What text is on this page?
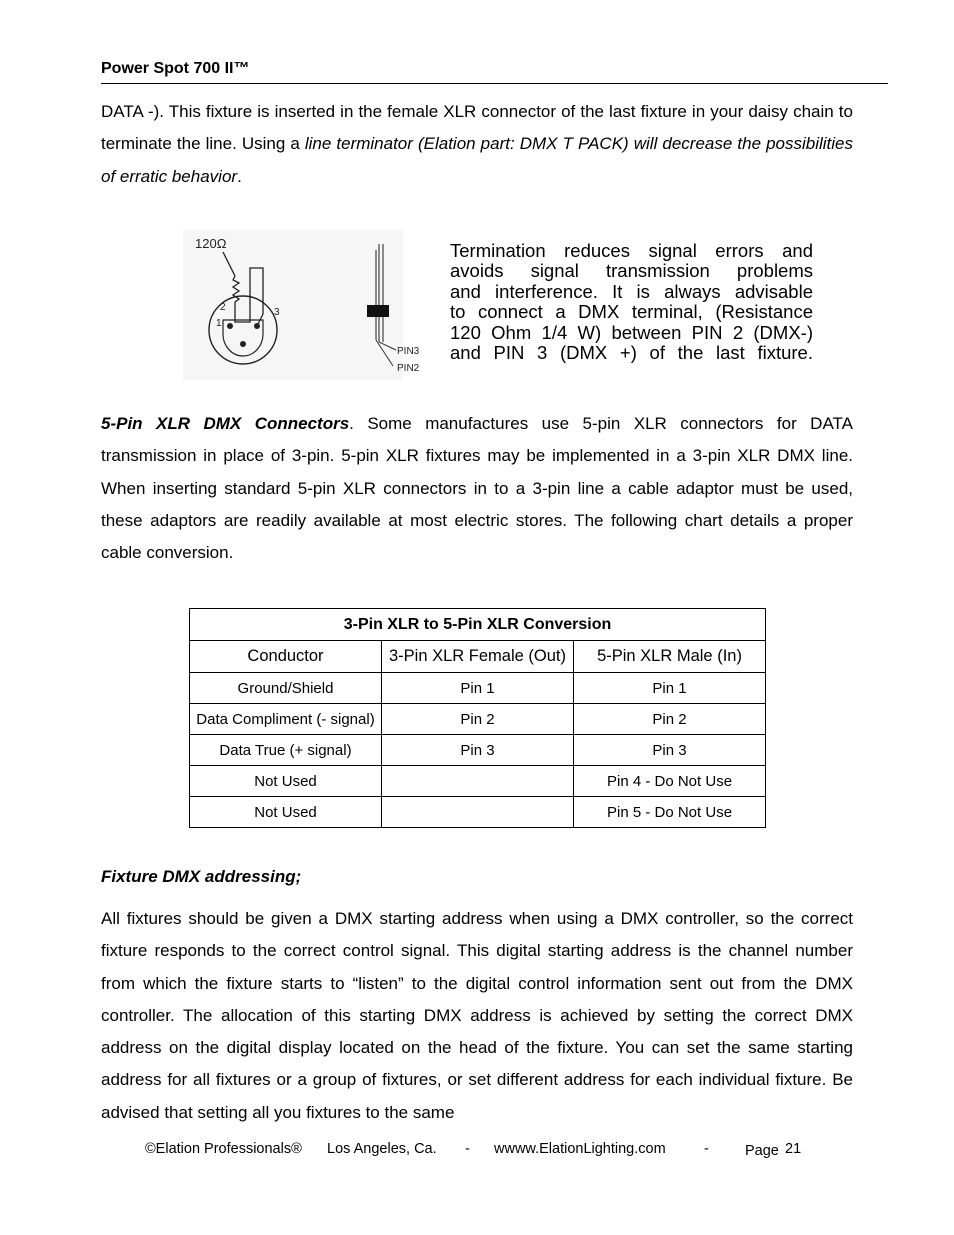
Power Spot 700 II™
DATA -). This fixture is inserted in the female XLR connector of the last fixture in your daisy chain to terminate the line. Using a line terminator (Elation part: DMX T PACK) will decrease the possibilities of erratic behavior.
120Ω
2
1
3
PIN3
PIN2
Termination reduces signal errors and
avoids signal transmission problems
and interference. It is always advisable
to connect a DMX terminal, (Resistance
120 Ohm 1/4 W) between PIN 2 (DMX-)
and PIN 3 (DMX +) of the last fixture.
5-Pin XLR DMX Connectors. Some manufactures use 5-pin XLR connectors for DATA transmission in place of 3-pin. 5-pin XLR fixtures may be implemented in a 3-pin XLR DMX line. When inserting standard 5-pin XLR connectors in to a 3-pin line a cable adaptor must be used, these adaptors are readily available at most electric stores. The following chart details a proper cable conversion.
3-Pin XLR to 5-Pin XLR Conversion		
Conductor	3-Pin XLR Female (Out)	5-Pin XLR Male (In)
Ground/Shield	Pin 1	Pin 1
Data Compliment (- signal)	Pin 2	Pin 2
Data True (+ signal)	Pin 3	Pin 3
Not Used		Pin 4 - Do Not Use
Not Used		Pin 5 - Do Not Use
Fixture DMX addressing;
All fixtures should be given a DMX starting address when using a DMX controller, so the correct fixture responds to the correct control signal. This digital starting address is the channel number from which the fixture starts to “listen” to the digital control information sent out from the DMX controller. The allocation of this starting DMX address is achieved by setting the correct DMX address on the digital display located on the head of the fixture. You can set the same starting address for all fixtures or a group of fixtures, or set different address for each individual fixture. Be advised that setting all you fixtures to the same
©Elation Professionals® Los Angeles, Ca. - wwww.ElationLighting.com	- Page 21
